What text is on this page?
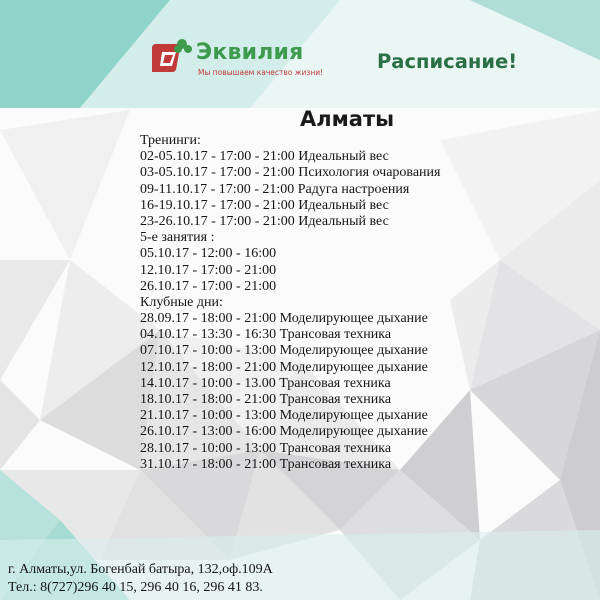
Эквилия
Мы повышаем качество жизни!	Расписание!
Алматы
Тренинги:
02-05.10.17 - 17:00 - 21:00 Идеальный вес
03-05.10.17 - 17:00 - 21:00 Психология очарования
09-11.10.17 - 17:00 - 21:00 Радуга настроения
16-19.10.17 - 17:00 - 21:00 Идеальный вес
23-26.10.17 - 17:00 - 21:00 Идеальный вес
5-е занятия :
05.10.17 - 12:00 - 16:00
12.10.17 - 17:00 - 21:00
26.10.17 - 17:00 - 21:00
Клубные дни:
28.09.17 - 18:00 - 21:00 Моделирующее дыхание
04.10.17 - 13:30 - 16:30 Трансовая техника
07.10.17 - 10:00 - 13:00 Моделирующее дыхание
12.10.17 - 18:00 - 21:00 Моделирующее дыхание
14.10.17 - 10:00 - 13.00 Трансовая техника
18.10.17 - 18:00 - 21:00 Трансовая техника
21.10.17 - 10:00 - 13:00 Моделирующее дыхание
26.10.17 - 13:00 - 16:00 Моделирующее дыхание
28.10.17 - 10:00 - 13:00 Трансовая техника
31.10.17 - 18:00 - 21:00 Трансовая техника
г. Алматы,ул. Богенбай батыра, 132,оф.109А
Тел.: 8(727)296 40 15, 296 40 16, 296 41 83.
